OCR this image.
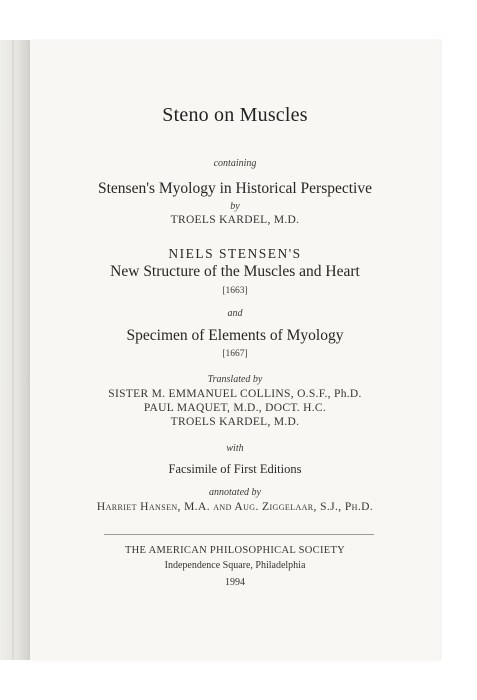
Steno on Muscles
containing
Stensen's Myology in Historical Perspective
by
TROELS KARDEL, M.D.
NIELS STENSEN'S
New Structure of the Muscles and Heart
[1663]
and
Specimen of Elements of Myology
[1667]
Translated by
SISTER M. EMMANUEL COLLINS, O.S.F., Ph.D.
PAUL MAQUET, M.D., DOCT. H.C.
TROELS KARDEL, M.D.
with
Facsimile of First Editions
annotated by
Harriet Hansen, M.A. and Aug. Ziggelaar, S.J., Ph.D.
THE AMERICAN PHILOSOPHICAL SOCIETY
Independence Square, Philadelphia
1994
